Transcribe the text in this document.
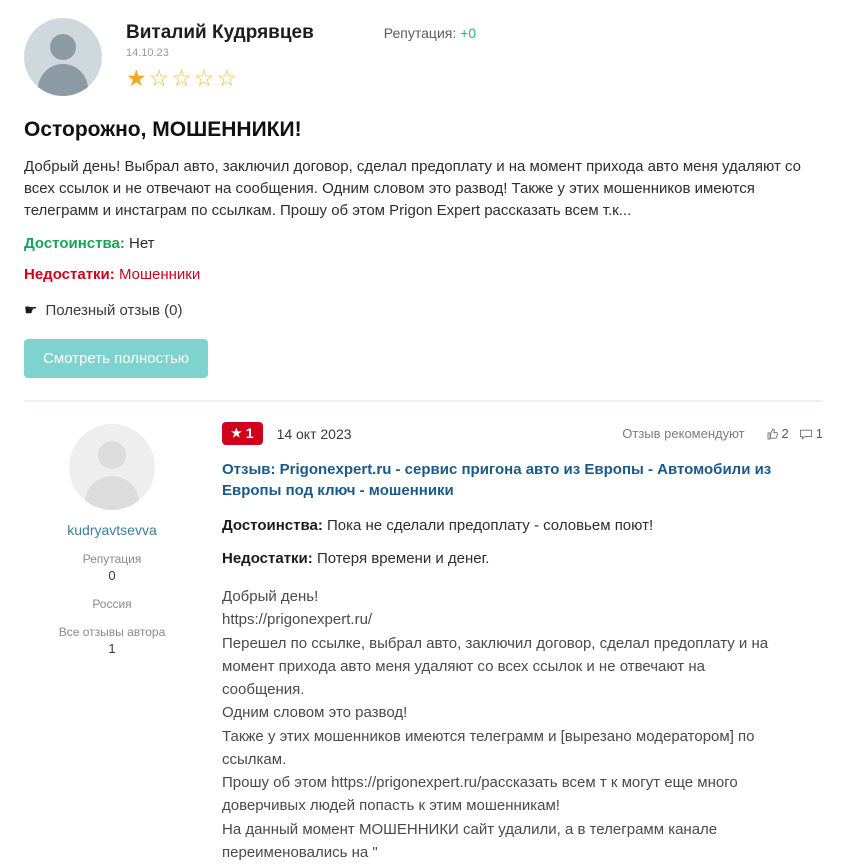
Виталий Кудрявцев	Репутация: +0
14.10.23
★☆☆☆☆
Осторожно, МОШЕННИКИ!
Добрый день! Выбрал авто, заключил договор, сделал предоплату и на момент прихода авто меня удаляют со всех ссылок и не отвечают на сообщения. Одним словом это развод! Также у этих мошенников имеются телеграмм и инстаграм по ссылкам. Прошу об этом Prigon Expert рассказать всем т.к...
Достоинства: Нет
Недостатки: Мошенники
☛ Полезный отзыв (0)
Смотреть полностью
kudryavtsevva
Репутация
0
Россия
Все отзывы автора
1
★ 1 14 окт 2023	Отзыв рекомендуют	2 1
Отзыв: Prigonexpert.ru - сервис пригона авто из Европы - Автомобили из Европы под ключ - мошенники
Достоинства: Пока не сделали предоплату - соловьем поют!
Недостатки: Потеря времени и денег.

Добрый день!

https://prigonexpert.ru/

Перешел по ссылке, выбрал авто, заключил договор, сделал предоплату и на момент прихода авто меня удаляют со всех ссылок и не отвечают на сообщения.

Одним словом это развод!

Также у этих мошенников имеются телеграмм и [вырезано модератором] по ссылкам.

Прошу об этом https://prigonexpert.ru/рассказать всем т к могут еще много доверчивых людей попасть к этим мошенникам!

На данный момент МОШЕННИКИ сайт удалили, а в телеграмм канале переименовались на "
